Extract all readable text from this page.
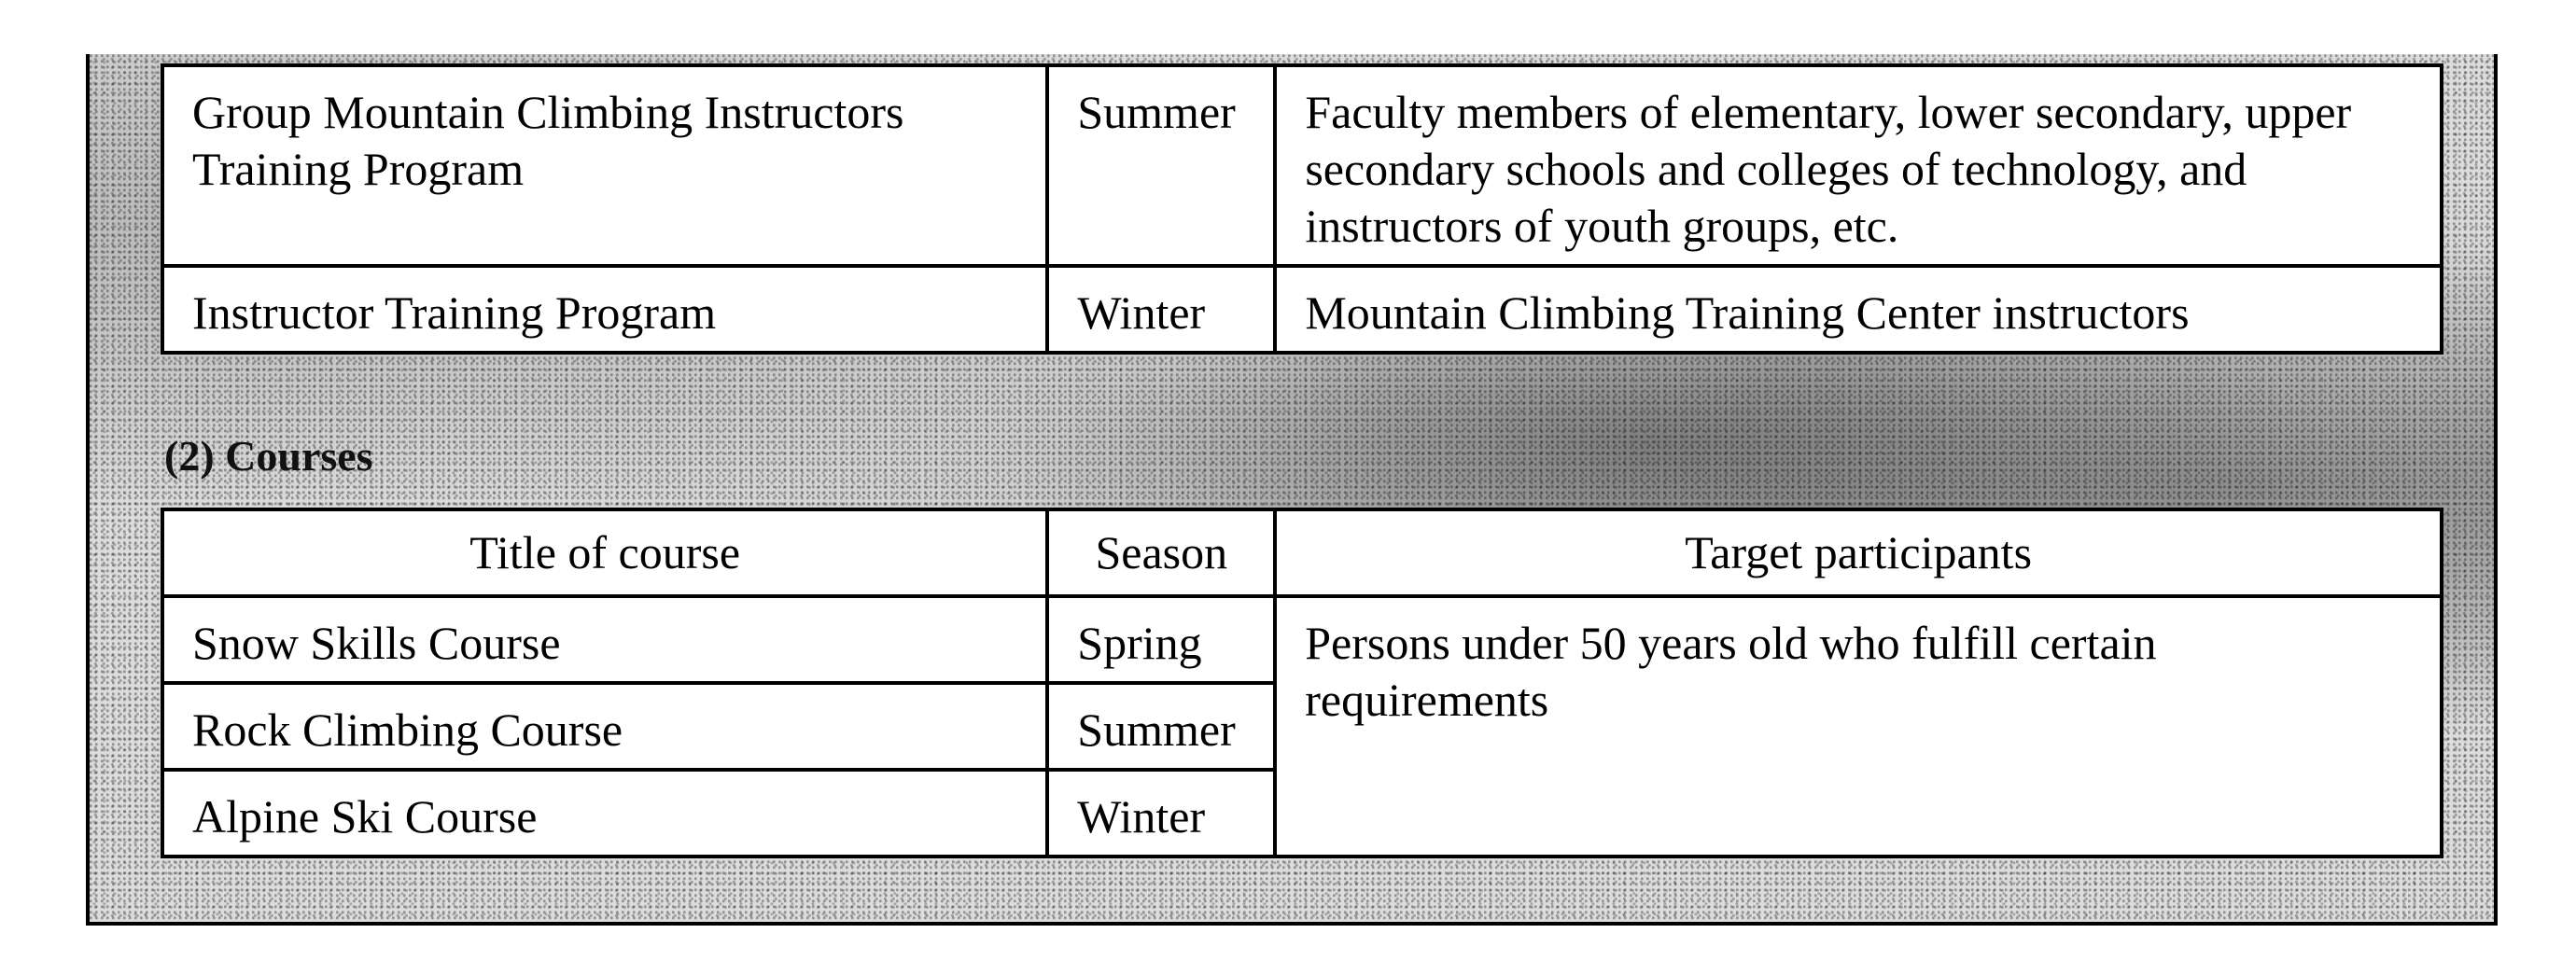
Group Mountain Climbing Instructors Training Program	Summer	Faculty members of elementary, lower secondary, upper secondary schools and colleges of technology, and instructors of youth groups, etc.
Instructor Training Program	Winter	Mountain Climbing Training Center instructors
(2) Courses
Title of course	Season	Target participants
Snow Skills Course	Spring	Persons under 50 years old who fulfill certain requirements
Rock Climbing Course	Summer	
Alpine Ski Course	Winter	
